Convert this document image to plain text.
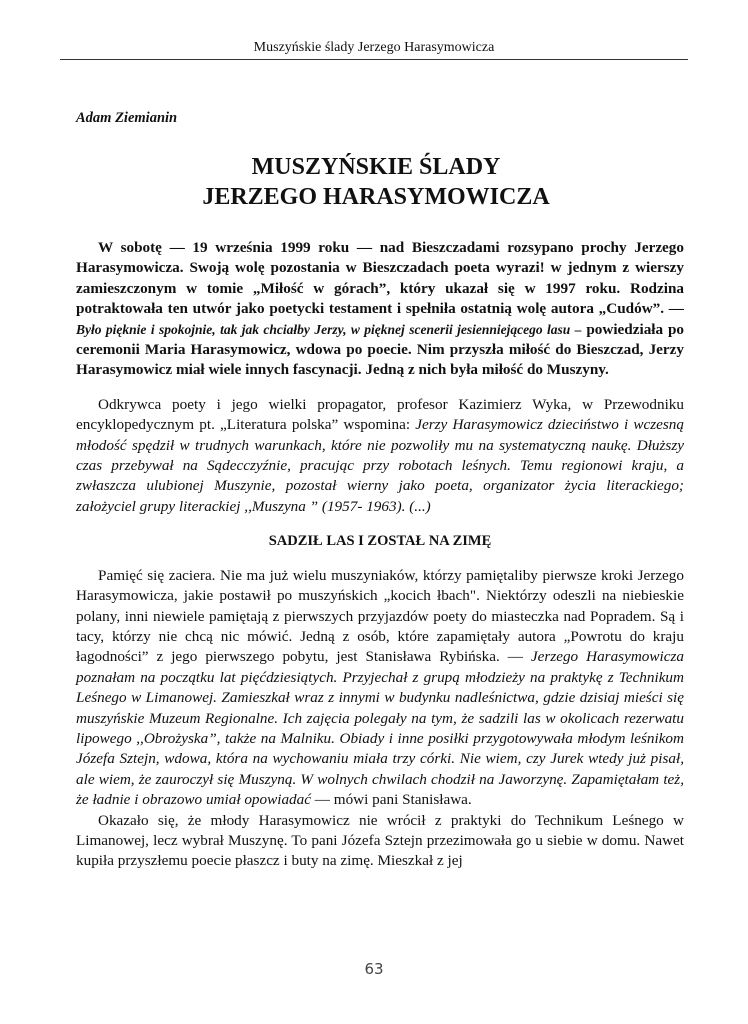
Muszyńskie ślady Jerzego Harasymowicza
Adam Ziemianin
MUSZYŃSKIE ŚLADY
JERZEGO HARASYMOWICZA

W sobotę — 19 września 1999 roku — nad Bieszczadami rozsypano prochy Jerzego Harasymowicza. Swoją wolę pozostania w Bieszczadach poeta wyrazi! w jednym z wierszy zamieszczonym w tomie „Miłość w górach”, który ukazał się w 1997 roku. Rodzina potraktowała ten utwór jako poetycki testament i spełniła ostatnią wolę autora „Cudów”. — Było pięknie i spokojnie, tak jak chciałby Jerzy, w pięknej scenerii jesienniejącego lasu – powiedziała po ceremonii Maria Harasymowicz, wdowa po poecie. Nim przyszła miłość do Bieszczad, Jerzy Harasymowicz miał wiele innych fascynacji. Jedną z nich była miłość do Muszyny.

Odkrywca poety i jego wielki propagator, profesor Kazimierz Wyka, w Przewodniku encyklopedycznym pt. „Literatura polska” wspomina: Jerzy Harasymowicz dzieciństwo i wczesną młodość spędził w trudnych warunkach, które nie pozwoliły mu na systematyczną naukę. Dłuższy czas przebywał na Sądecczyźnie, pracując przy robotach leśnych. Temu regionowi kraju, a zwłaszcza ulubionej Muszynie, pozostał wierny jako poeta, organizator życia literackiego; założyciel grupy literackiej ,,Muszyna ” (1957- 1963). (...)

SADZIŁ LAS I ZOSTAŁ NA ZIMĘ

Pamięć się zaciera. Nie ma już wielu muszyniaków, którzy pamiętaliby pierwsze kroki Jerzego Harasymowicza, jakie postawił po muszyńskich „kocich łbach". Niektórzy odeszli na niebieskie polany, inni niewiele pamiętają z pierwszych przyjazdów poety do miasteczka nad Popradem. Są i tacy, którzy nie chcą nic mówić. Jedną z osób, które zapamiętały autora „Powrotu do kraju łagodności” z jego pierwszego pobytu, jest Stanisława Rybińska. — Jerzego Harasymowicza poznałam na początku lat pięćdziesiątych. Przyjechał z grupą młodzieży na praktykę z Technikum Leśnego w Limanowej. Zamieszkał wraz z innymi w budynku nadleśnictwa, gdzie dzisiaj mieści się muszyńskie Muzeum Regionalne. Ich zajęcia polegały na tym, że sadzili las w okolicach rezerwatu lipowego ,,Obrożyska”, także na Malniku. Obiady i inne posiłki przygotowywała młodym leśnikom Józefa Sztejn, wdowa, która na wychowaniu miała trzy córki. Nie wiem, czy Jurek wtedy już pisał, ale wiem, że zauroczył się Muszyną. W wolnych chwilach chodził na Jaworzynę. Zapamiętałam też, że ładnie i obrazowo umiał opowiadać — mówi pani Stanisława.

Okazało się, że młody Harasymowicz nie wrócił z praktyki do Technikum Leśnego w Limanowej, lecz wybrał Muszynę. To pani Józefa Sztejn przezimowała go u siebie w domu. Nawet kupiła przyszłemu poecie płaszcz i buty na zimę. Mieszkał z jej

63
